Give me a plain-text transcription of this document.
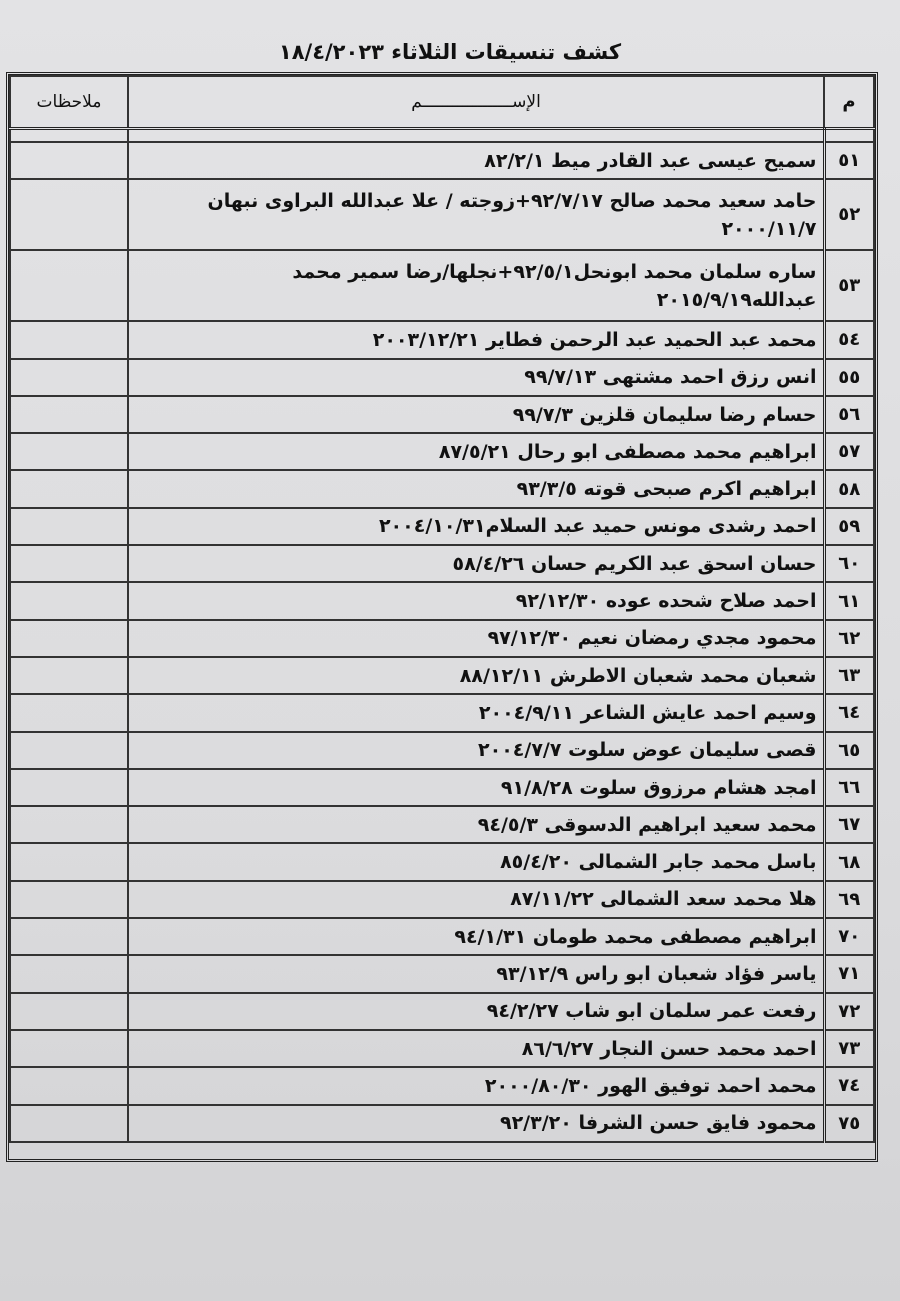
كشف تنسيقات الثلاثاء ١٨/٤/٢٠٢٣
م	الإســــــــــــــــــم	ملاحظات

٥١	سميح عيسى عبد القادر ميط ٨٢/٢/١	
٥٢	حامد سعيد محمد صالح ٩٢/٧/١٧+زوجته / علا عبدالله البراوى نبهان ٢٠٠٠/١١/٧	
٥٣	ساره سلمان محمد ابونحل٩٢/٥/١+نجلها/رضا سمير محمد عبدالله٢٠١٥/٩/١٩	
٥٤	محمد عبد الحميد عبد الرحمن فطاير ٢٠٠٣/١٢/٢١	
٥٥	انس رزق احمد مشتهى ٩٩/٧/١٣	
٥٦	حسام رضا سليمان قلزين ٩٩/٧/٣	
٥٧	ابراهيم محمد مصطفى ابو رحال ٨٧/٥/٢١	
٥٨	ابراهيم اكرم صبحى قوته ٩٣/٣/٥	
٥٩	احمد رشدى مونس حميد عبد السلام٢٠٠٤/١٠/٣١	
٦٠	حسان اسحق عبد الكريم حسان ٥٨/٤/٢٦	
٦١	احمد صلاح شحده عوده ٩٢/١٢/٣٠	
٦٢	محمود مجدي رمضان نعيم ٩٧/١٢/٣٠	
٦٣	شعبان محمد شعبان الاطرش ٨٨/١٢/١١	
٦٤	وسيم احمد عايش الشاعر ٢٠٠٤/٩/١١	
٦٥	قصى سليمان عوض سلوت ٢٠٠٤/٧/٧	
٦٦	امجد هشام مرزوق سلوت ٩١/٨/٢٨	
٦٧	محمد سعيد ابراهيم الدسوقى ٩٤/٥/٣	
٦٨	باسل محمد جابر الشمالى ٨٥/٤/٢٠	
٦٩	هلا محمد سعد الشمالى ٨٧/١١/٢٢	
٧٠	ابراهيم مصطفى محمد طومان ٩٤/١/٣١	
٧١	ياسر فؤاد شعبان ابو راس ٩٣/١٢/٩	
٧٢	رفعت عمر سلمان ابو شاب ٩٤/٢/٢٧	
٧٣	احمد محمد حسن النجار ٨٦/٦/٢٧	
٧٤	محمد احمد توفيق الهور ٢٠٠٠/٨٠/٣٠	
٧٥	محمود فايق حسن الشرفا ٩٢/٣/٢٠	
